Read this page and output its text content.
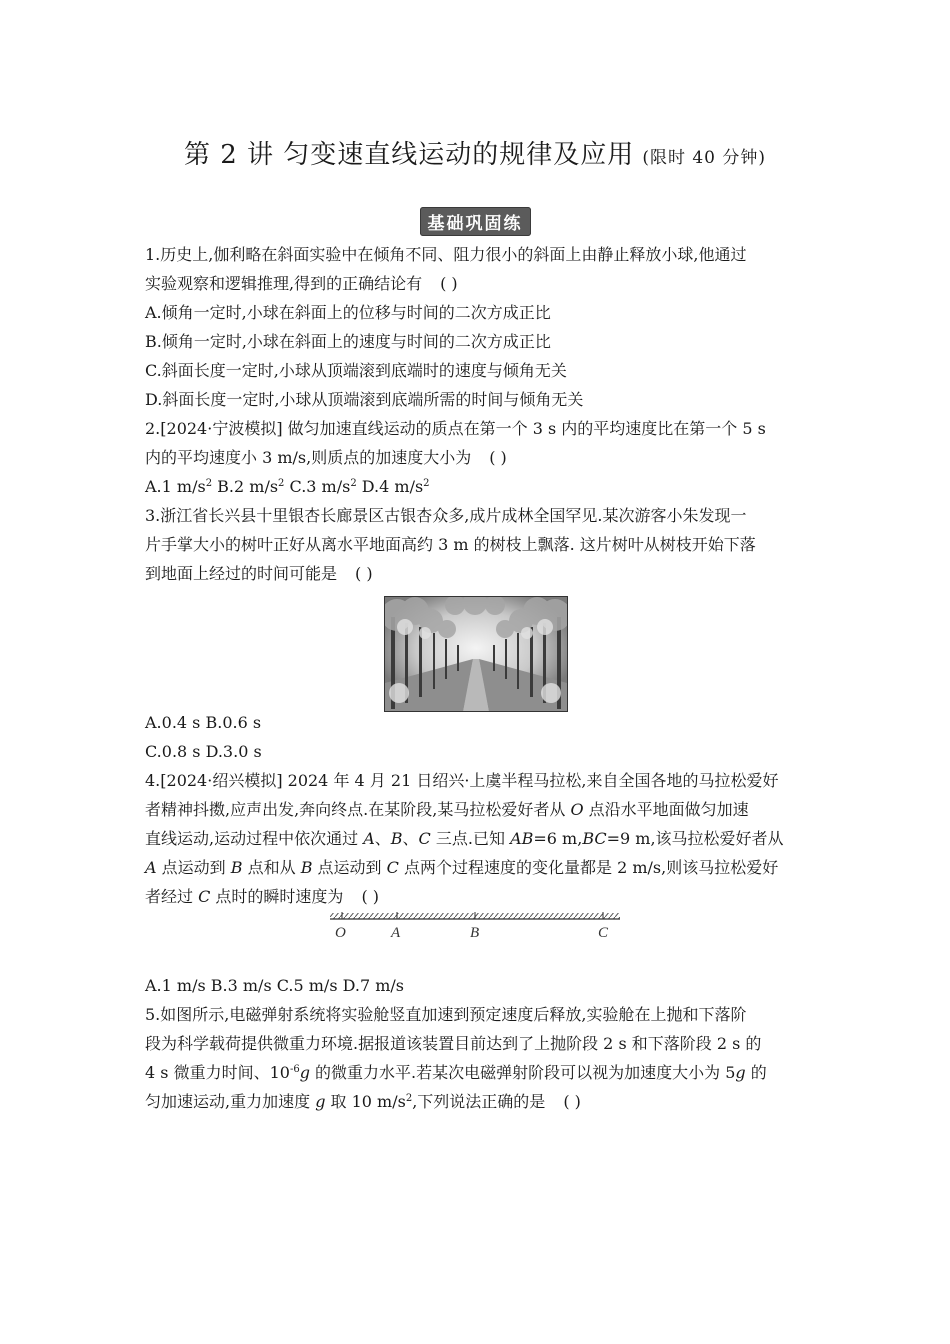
第 2 讲 匀变速直线运动的规律及应用 (限时 40 分钟)
基础巩固练
1.历史上,伽利略在斜面实验中在倾角不同、阻力很小的斜面上由静止释放小球,他通过
实验观察和逻辑推理,得到的正确结论有 ( )
A.倾角一定时,小球在斜面上的位移与时间的二次方成正比
B.倾角一定时,小球在斜面上的速度与时间的二次方成正比
C.斜面长度一定时,小球从顶端滚到底端时的速度与倾角无关
D.斜面长度一定时,小球从顶端滚到底端所需的时间与倾角无关
2.[2024·宁波模拟] 做匀加速直线运动的质点在第一个 3 s 内的平均速度比在第一个 5 s
内的平均速度小 3 m/s,则质点的加速度大小为 ( )
A.1 $m/s^2$ B.2 $m/s^2$ C.3 $m/s^2$ D.4 $m/s^2$
3.浙江省长兴县十里银杏长廊景区古银杏众多,成片成林全国罕见.某次游客小朱发现一
片手掌大小的树叶正好从离水平地面高约 3 m 的树枝上飘落. 这片树叶从树枝开始下落
到地面上经过的时间可能是 ( )
A.0.4 s B.0.6 s
C.0.8 s D.3.0 s
4.[2024·绍兴模拟] 2024 年 4 月 21 日绍兴·上虞半程马拉松,来自全国各地的马拉松爱好
者精神抖擞,应声出发,奔向终点.在某阶段,某马拉松爱好者从 O 点沿水平地面做匀加速
直线运动,运动过程中依次通过 A、B、C 三点.已知 AB=6 m,BC=9 m,该马拉松爱好者从
A 点运动到 B 点和从 B 点运动到 C 点两个过程速度的变化量都是 2 m/s,则该马拉松爱好
者经过 C 点时的瞬时速度为 ( )
O	A	B	C
A.1 m/s B.3 m/s C.5 m/s D.7 m/s
5.如图所示,电磁弹射系统将实验舱竖直加速到预定速度后释放,实验舱在上抛和下落阶
段为科学载荷提供微重力环境.据报道该装置目前达到了上抛阶段 2 s 和下落阶段 2 s 的
4 s 微重力时间、$10^{-6}g$ 的微重力水平.若某次电磁弹射阶段可以视为加速度大小为 5g 的
匀加速运动,重力加速度 g 取 10 $m/s^2$,下列说法正确的是 ( )
